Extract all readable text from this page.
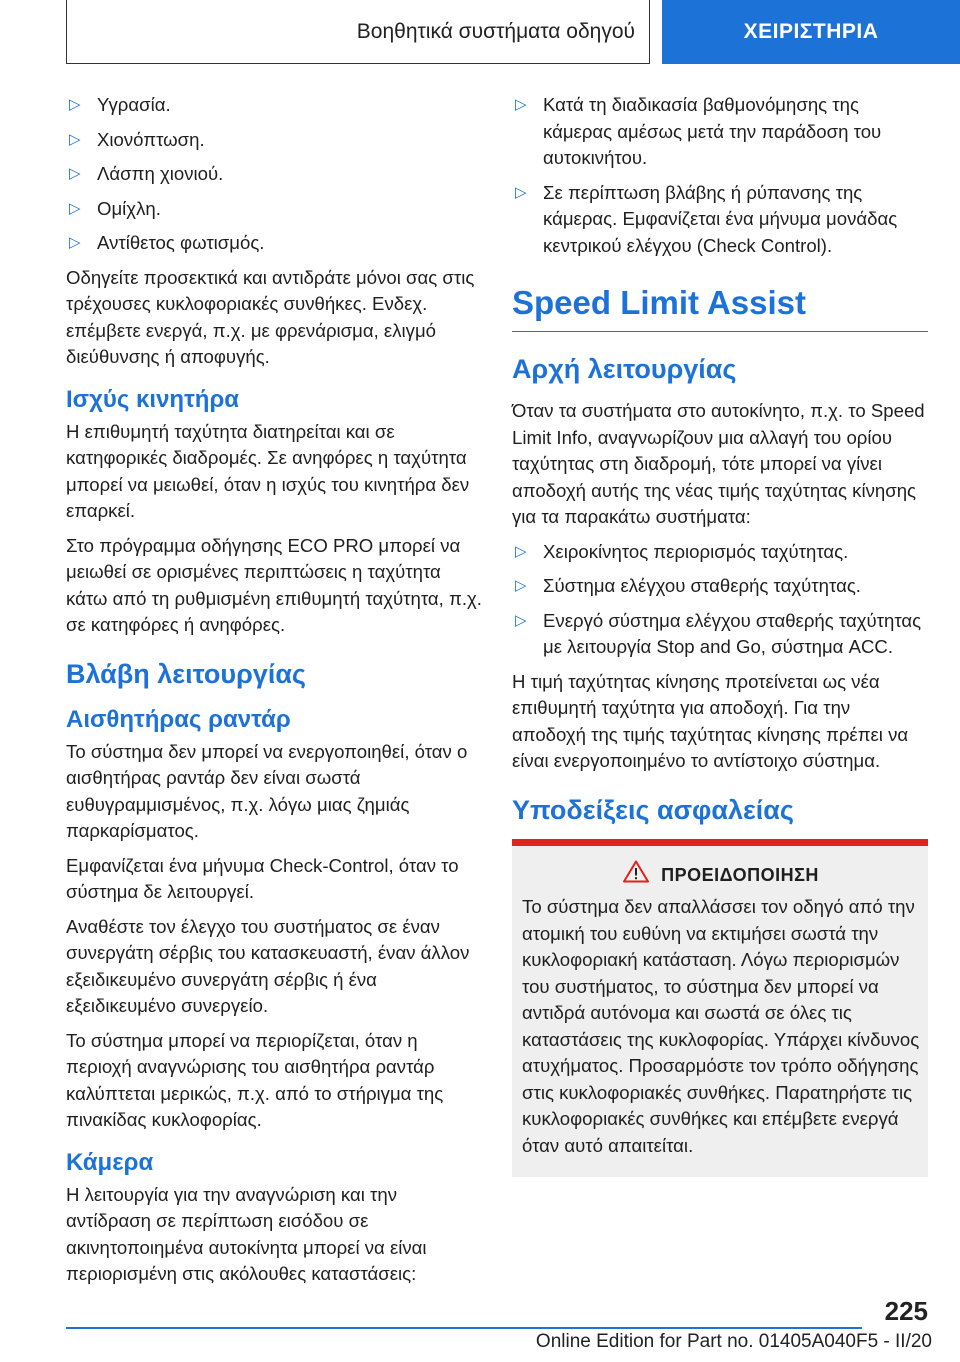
Βοηθητικά συστήματα οδηγού	ΧΕΙΡΙΣΤΗΡΙΑ
▷ Υγρασία.
▷ Χιονόπτωση.
▷ Λάσπη χιονιού.
▷ Ομίχλη.
▷ Αντίθετος φωτισμός.

Οδηγείτε προσεκτικά και αντιδράτε μόνοι σας στις τρέχουσες κυκλοφοριακές συνθήκες. Ενδεχ. επέμβετε ενεργά, π.χ. με φρενάρισμα, ελιγμό διεύθυνσης ή αποφυγής.

Ισχύς κινητήρα

Η επιθυμητή ταχύτητα διατηρείται και σε κατηφορικές διαδρομές. Σε ανηφόρες η ταχύτητα μπορεί να μειωθεί, όταν η ισχύς του κινητήρα δεν επαρκεί.

Στο πρόγραμμα οδήγησης ECO PRO μπορεί να μειωθεί σε ορισμένες περιπτώσεις η ταχύτητα κάτω από τη ρυθμισμένη επιθυμητή ταχύτητα, π.χ. σε κατηφόρες ή ανηφόρες.

Βλάβη λειτουργίας
Αισθητήρας ραντάρ

Το σύστημα δεν μπορεί να ενεργοποιηθεί, όταν ο αισθητήρας ραντάρ δεν είναι σωστά ευθυγραμμισμένος, π.χ. λόγω μιας ζημιάς παρκαρίσματος.

Εμφανίζεται ένα μήνυμα Check-Control, όταν το σύστημα δε λειτουργεί.

Αναθέστε τον έλεγχο του συστήματος σε έναν συνεργάτη σέρβις του κατασκευαστή, έναν άλλον εξειδικευμένο συνεργάτη σέρβις ή ένα εξειδικευμένο συνεργείο.

Το σύστημα μπορεί να περιορίζεται, όταν η περιοχή αναγνώρισης του αισθητήρα ραντάρ καλύπτεται μερικώς, π.χ. από το στήριγμα της πινακίδας κυκλοφορίας.

Κάμερα

Η λειτουργία για την αναγνώριση και την αντίδραση σε περίπτωση εισόδου σε ακινητοποιημένα αυτοκίνητα μπορεί να είναι περιορισμένη στις ακόλουθες καταστάσεις:

▷ Κατά τη διαδικασία βαθμονόμησης της κάμερας αμέσως μετά την παράδοση του αυτοκινήτου.
▷ Σε περίπτωση βλάβης ή ρύπανσης της κάμερας. Εμφανίζεται ένα μήνυμα μονάδας κεντρικού ελέγχου (Check Control).
Speed Limit Assist
Αρχή λειτουργίας

Όταν τα συστήματα στο αυτοκίνητο, π.χ. το Speed Limit Info, αναγνωρίζουν μια αλλαγή του ορίου ταχύτητας στη διαδρομή, τότε μπορεί να γίνει αποδοχή αυτής της νέας τιμής ταχύτητας κίνησης για τα παρακάτω συστήματα:

▷ Χειροκίνητος περιορισμός ταχύτητας.
▷ Σύστημα ελέγχου σταθερής ταχύτητας.
▷ Ενεργό σύστημα ελέγχου σταθερής ταχύτητας με λειτουργία Stop and Go, σύστημα ACC.

Η τιμή ταχύτητας κίνησης προτείνεται ως νέα επιθυμητή ταχύτητα για αποδοχή. Για την αποδοχή της τιμής ταχύτητας κίνησης πρέπει να είναι ενεργοποιημένο το αντίστοιχο σύστημα.

Υποδείξεις ασφαλείας
ΠΡΟΕΙΔΟΠΟΙΗΣΗ

Το σύστημα δεν απαλλάσσει τον οδηγό από την ατομική του ευθύνη να εκτιμήσει σωστά την κυκλοφοριακή κατάσταση. Λόγω περιορισμών του συστήματος, το σύστημα δεν μπορεί να αντιδρά αυτόνομα και σωστά σε όλες τις καταστάσεις της κυκλοφορίας. Υπάρχει κίνδυνος ατυχήματος. Προσαρμόστε τον τρόπο οδήγησης στις κυκλοφοριακές συνθήκες. Παρατηρήστε τις κυκλοφοριακές συνθήκες και επέμβετε ενεργά όταν αυτό απαιτείται.

225
Online Edition for Part no. 01405A040F5 - II/20
